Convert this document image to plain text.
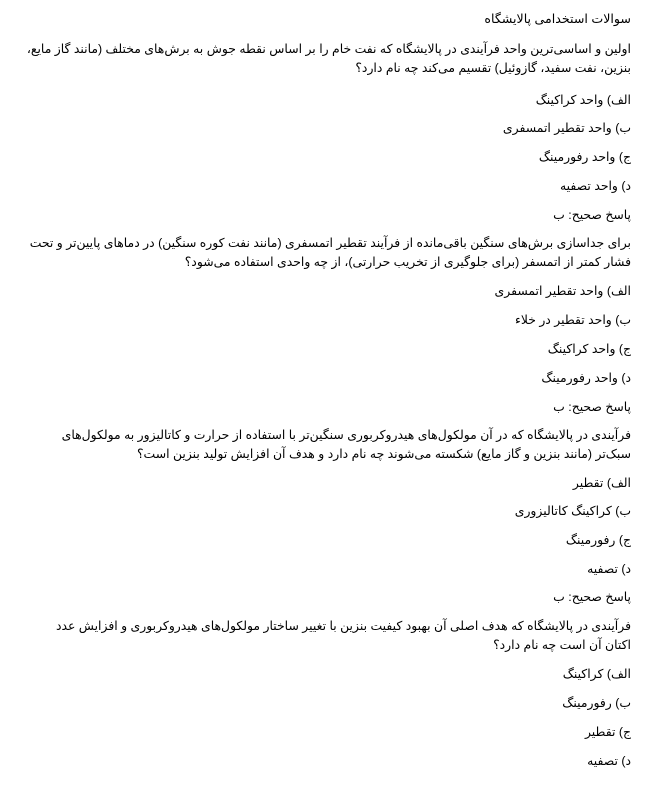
سوالات استخدامی پالایشگاه
اولین و اساسی‌ترین واحد فرآیندی در پالایشگاه که نفت خام را بر اساس نقطه جوش به برش‌های مختلف (مانند گاز مایع،
بنزین، نفت سفید، گازوئیل) تقسیم می‌کند چه نام دارد؟
الف) واحد کراکینگ
ب) واحد تقطیر اتمسفری
ج) واحد رفورمینگ
د) واحد تصفیه
پاسخ صحیح: ب
برای جداسازی برش‌های سنگین باقی‌مانده از فرآیند تقطیر اتمسفری (مانند نفت کوره سنگین) در دماهای پایین‌تر و تحت
فشار کمتر از اتمسفر (برای جلوگیری از تخریب حرارتی)، از چه واحدی استفاده می‌شود؟
الف) واحد تقطیر اتمسفری
ب) واحد تقطیر در خلاء
ج) واحد کراکینگ
د) واحد رفورمینگ
پاسخ صحیح: ب
فرآیندی در پالایشگاه که در آن مولکول‌های هیدروکربوری سنگین‌تر با استفاده از حرارت و کاتالیزور به مولکول‌های
سبک‌تر (مانند بنزین و گاز مایع) شکسته می‌شوند چه نام دارد و هدف آن افزایش تولید بنزین است؟
الف) تقطیر
ب) کراکینگ کاتالیزوری
ج) رفورمینگ
د) تصفیه
پاسخ صحیح: ب
فرآیندی در پالایشگاه که هدف اصلی آن بهبود کیفیت بنزین با تغییر ساختار مولکول‌های هیدروکربوری و افزایش عدد
اکتان آن است چه نام دارد؟
الف) کراکینگ
ب) رفورمینگ
ج) تقطیر
د) تصفیه
